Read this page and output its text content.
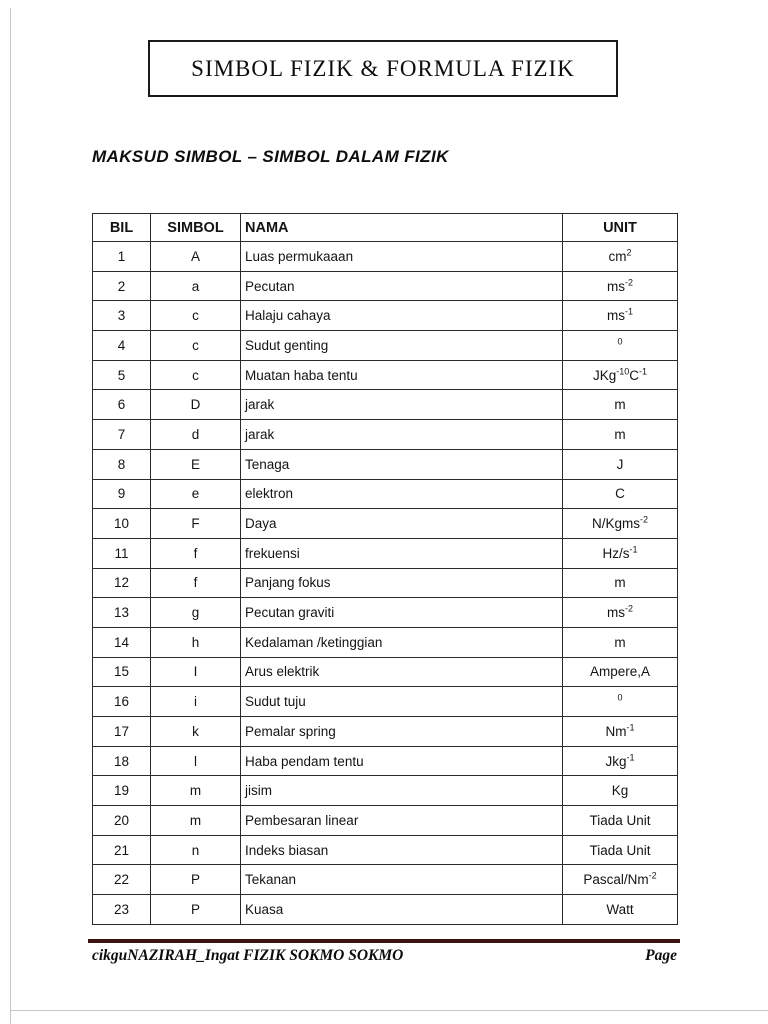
SIMBOL FIZIK & FORMULA FIZIK
MAKSUD SIMBOL – SIMBOL DALAM FIZIK
BIL	SIMBOL	NAMA	UNIT
1	A	Luas permukaaan	$cm^2$
2	a	Pecutan	$ms^{-2}$
3	c	Halaju cahaya	$ms^{-1}$
4	c	Sudut genting	$^0$
5	c	Muatan haba tentu	$JKg^{-10}C^{-1}$
6	D	jarak	m
7	d	jarak	m
8	E	Tenaga	J
9	e	elektron	C
10	F	Daya	N/Kgms$^{-2}$
11	f	frekuensi	$Hz/s^{-1}$
12	f	Panjang fokus	m
13	g	Pecutan graviti	$ms^{-2}$
14	h	Kedalaman /ketinggian	m
15	I	Arus elektrik	Ampere,A
16	i	Sudut tuju	$^0$
17	k	Pemalar spring	$Nm^{-1}$
18	l	Haba pendam tentu	Jkg$^{-1}$
19	m	jisim	Kg
20	m	Pembesaran linear	Tiada Unit
21	n	Indeks biasan	Tiada Unit
22	P	Tekanan	Pascal/$Nm^{-2}$
23	P	Kuasa	Watt
cikguNAZIRAH_Ingat FIZIK SOKMO SOKMO	Page
